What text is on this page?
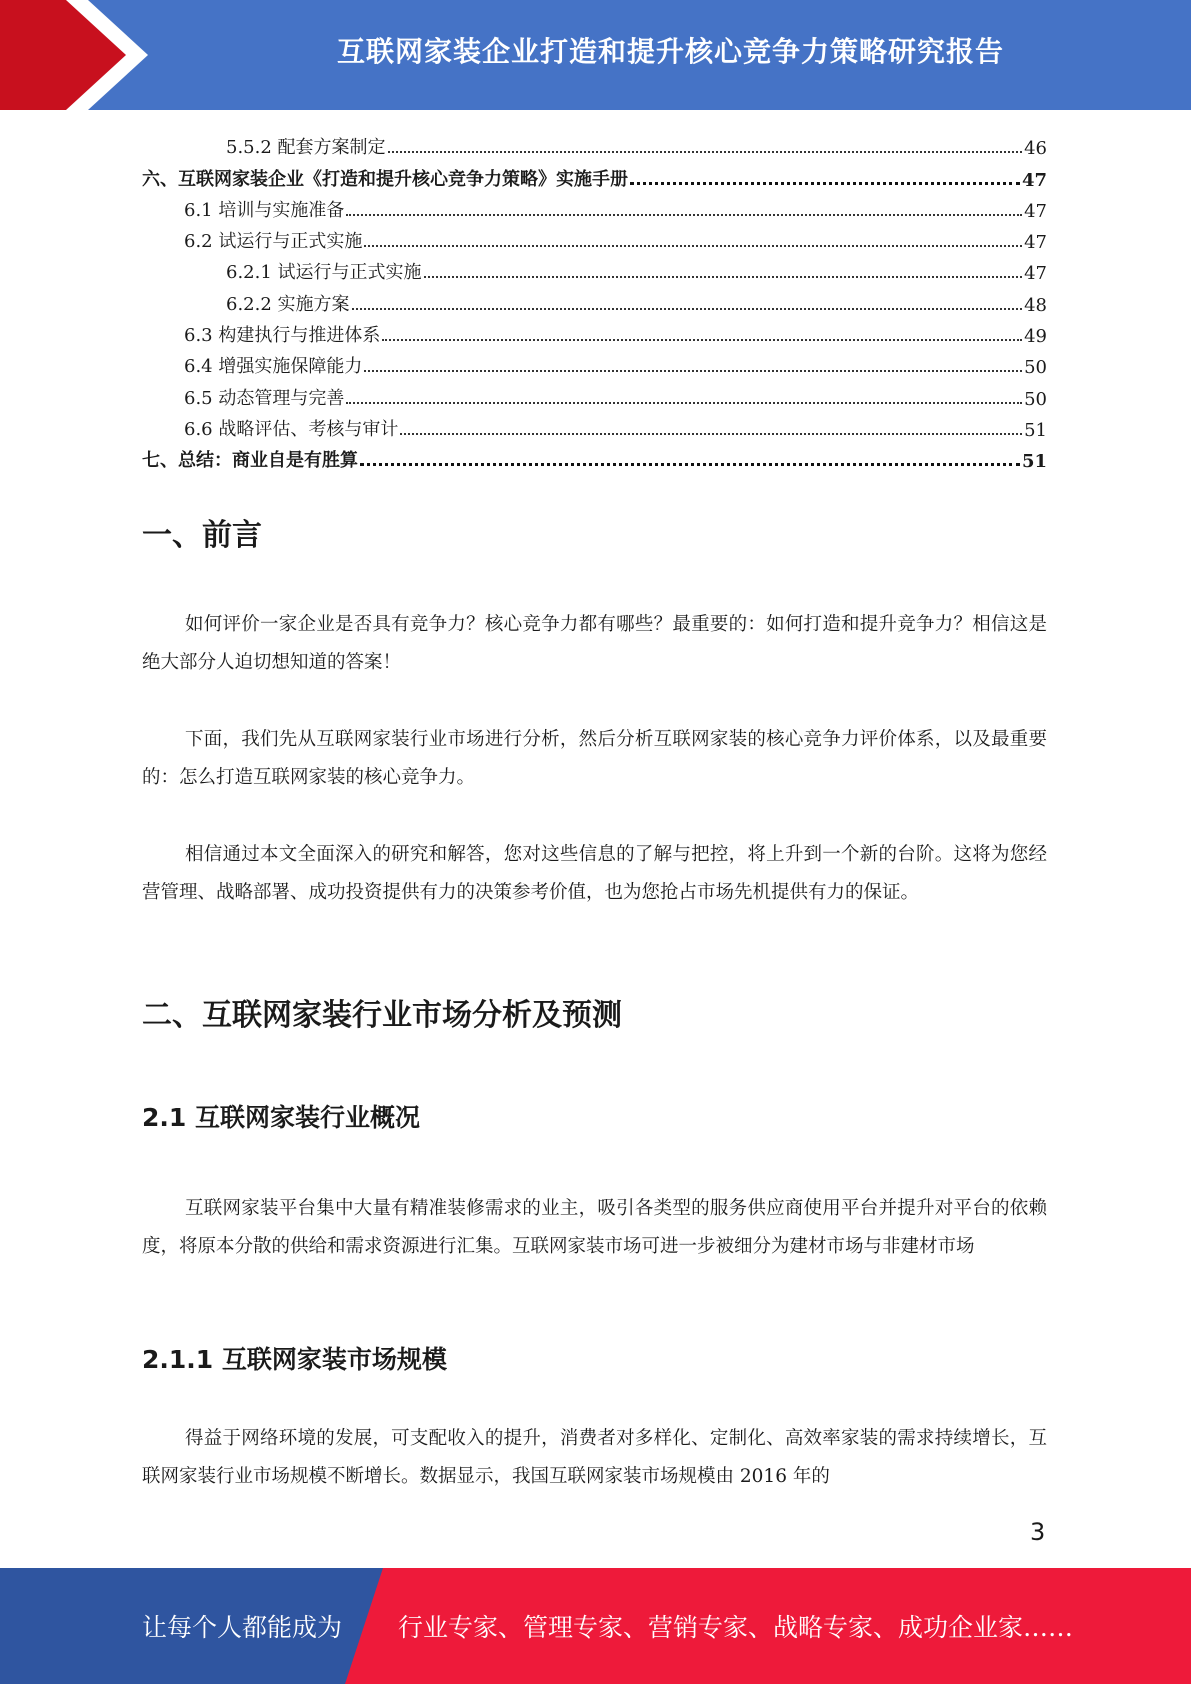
互联网家装企业打造和提升核心竞争力策略研究报告
5.5.2 配套方案制定	46
六、互联网家装企业《打造和提升核心竞争力策略》实施手册	47
6.1 培训与实施准备	47
6.2 试运行与正式实施	47
6.2.1 试运行与正式实施	47
6.2.2 实施方案	48
6.3 构建执行与推进体系	49
6.4 增强实施保障能力	50
6.5 动态管理与完善	50
6.6 战略评估、考核与审计	51
七、总结：商业自是有胜算	51
一、前言

如何评价一家企业是否具有竞争力？核心竞争力都有哪些？最重要的：如何打造和提升竞争力？相信这是绝大部分人迫切想知道的答案！

下面，我们先从互联网家装行业市场进行分析，然后分析互联网家装的核心竞争力评价体系，以及最重要的：怎么打造互联网家装的核心竞争力。

相信通过本文全面深入的研究和解答，您对这些信息的了解与把控，将上升到一个新的台阶。这将为您经营管理、战略部署、成功投资提供有力的决策参考价值，也为您抢占市场先机提供有力的保证。

二、互联网家装行业市场分析及预测
2.1 互联网家装行业概况

互联网家装平台集中大量有精准装修需求的业主，吸引各类型的服务供应商使用平台并提升对平台的依赖度，将原本分散的供给和需求资源进行汇集。互联网家装市场可进一步被细分为建材市场与非建材市场

2.1.1 互联网家装市场规模

得益于网络环境的发展，可支配收入的提升，消费者对多样化、定制化、高效率家装的需求持续增长，互联网家装行业市场规模不断增长。数据显示，我国互联网家装市场规模由 2016 年的

3
让每个人都能成为 行业专家、管理专家、营销专家、战略专家、成功企业家……
